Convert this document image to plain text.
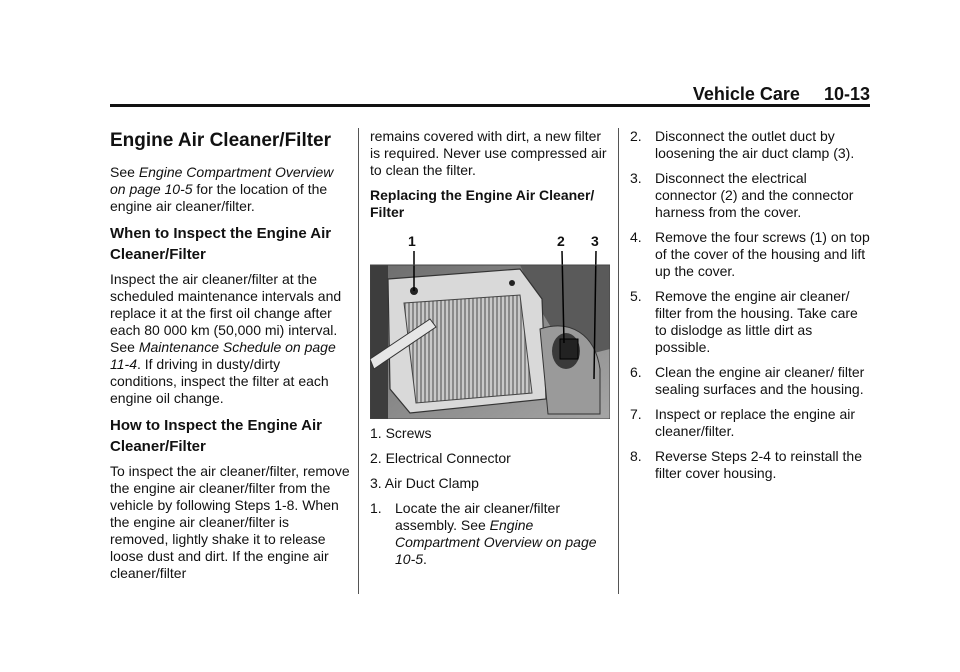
Vehicle Care 10-13
Engine Air Cleaner/Filter

See Engine Compartment Overview on page 10-5 for the location of the engine air cleaner/filter.

When to Inspect the Engine Air Cleaner/Filter

Inspect the air cleaner/filter at the scheduled maintenance intervals and replace it at the first oil change after each 80 000 km (50,000 mi) interval. See Maintenance Schedule on page 11-4. If driving in dusty/dirty conditions, inspect the filter at each engine oil change.

How to Inspect the Engine Air Cleaner/Filter

To inspect the air cleaner/filter, remove the engine air cleaner/filter from the vehicle by following Steps 1-8. When the engine air cleaner/filter is removed, lightly shake it to release loose dust and dirt. If the engine air cleaner/filter

remains covered with dirt, a new filter is required. Never use compressed air to clean the filter.

Replacing the Engine Air Cleaner/ Filter

1	2 3
1. Screws
2. Electrical Connector
3. Air Duct Clamp
1. Locate the air cleaner/filter assembly. See Engine Compartment Overview on page 10-5.
2. Disconnect the outlet duct by loosening the air duct clamp (3).
3. Disconnect the electrical connector (2) and the connector harness from the cover.
4. Remove the four screws (1) on top of the cover of the housing and lift up the cover.
5. Remove the engine air cleaner/ filter from the housing. Take care to dislodge as little dirt as possible.
6. Clean the engine air cleaner/ filter sealing surfaces and the housing.
7. Inspect or replace the engine air cleaner/filter.
8. Reverse Steps 2-4 to reinstall the filter cover housing.
